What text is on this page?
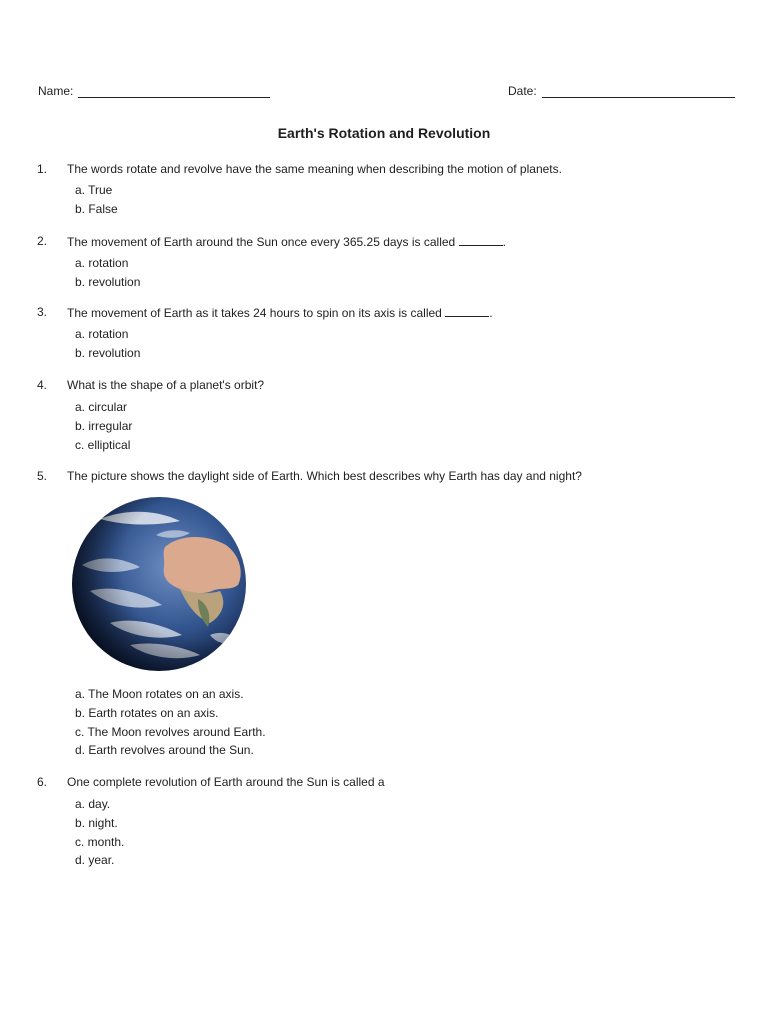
Name:	Date:
Earth's Rotation and Revolution
1. The words rotate and revolve have the same meaning when describing the motion of planets.
a. True
b. False
2. The movement of Earth around the Sun once every 365.25 days is called	.
a. rotation
b. revolution
3. The movement of Earth as it takes 24 hours to spin on its axis is called	.
a. rotation
b. revolution
4. What is the shape of a planet's orbit?
a. circular
b. irregular
c. elliptical
5. The picture shows the daylight side of Earth. Which best describes why Earth has day and night?
a. The Moon rotates on an axis.
b. Earth rotates on an axis.
c. The Moon revolves around Earth.
d. Earth revolves around the Sun.
6. One complete revolution of Earth around the Sun is called a
a. day.
b. night.
c. month.
d. year.
